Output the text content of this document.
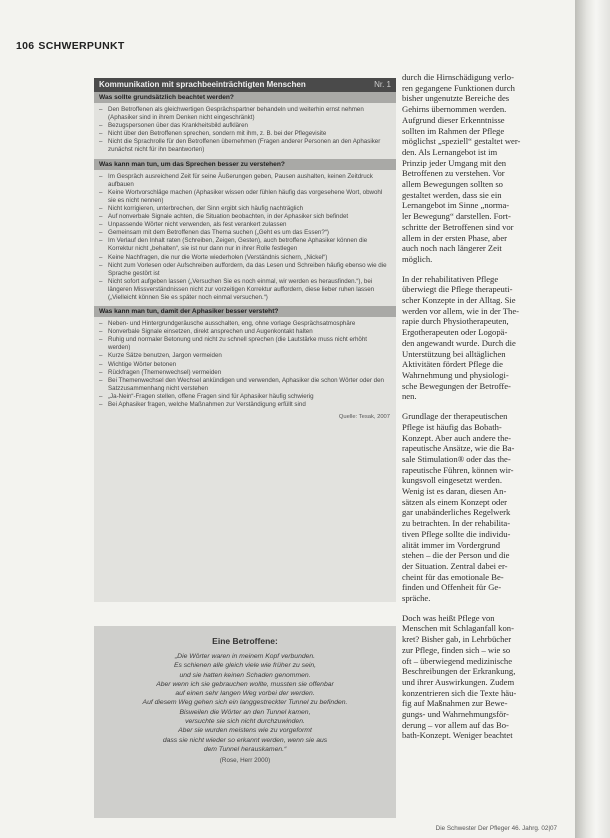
106 SCHWERPUNKT
Kommunikation mit sprachbeeinträchtigten Menschen	Nr. 1
Was sollte grundsätzlich beachtet werden?
– Den Betroffenen als gleichwertigen Gesprächspartner behandeln und weiterhin ernst nehmen (Aphasiker sind in ihrem Denken nicht eingeschränkt)
– Bezugspersonen über das Krankheitsbild aufklären
– Nicht über den Betroffenen sprechen, sondern mit ihm, z. B. bei der Pflegevisite
– Nicht die Sprachrolle für den Betroffenen übernehmen (Fragen anderer Personen an den Aphasiker zunächst nicht für ihn beantworten)
Was kann man tun, um das Sprechen besser zu verstehen?
– Im Gespräch ausreichend Zeit für seine Äußerungen geben, Pausen aushalten, keinen Zeitdruck aufbauen
– Keine Wortvorschläge machen (Aphasiker wissen oder fühlen häufig das vorgesehene Wort, obwohl sie es nicht nennen)
– Nicht korrigieren, unterbrechen, der Sinn ergibt sich häufig nachträglich
– Auf nonverbale Signale achten, die Situation beobachten, in der Aphasiker sich befindet
– Unpassende Wörter nicht verwenden, als fest verankert zulassen
– Gemeinsam mit dem Betroffenen das Thema suchen („Geht es um das Essen?“)
– Im Verlauf den Inhalt raten (Schreiben, Zeigen, Gesten), auch betroffene Aphasiker können die Korrektur nicht „behalten“, sie ist nur dann nur in ihrer Rolle festlegen
– Keine Nachfragen, die nur die Worte wiederholen (Verständnis sichern, „Nickel“)
– Nicht zum Vorlesen oder Aufschreiben auffordern, da das Lesen und Schreiben häufig ebenso wie die Sprache gestört ist
– Nicht sofort aufgeben lassen („Versuchen Sie es noch einmal, wir werden es herausfinden.“), bei längeren Missverständnissen nicht zur vorzeitigen Korrektur auffordern, diese lieber ruhen lassen („Vielleicht können Sie es später noch einmal versuchen.“)
Was kann man tun, damit der Aphasiker besser versteht?
– Neben- und Hintergrundgeräusche ausschalten, eng, ohne vorlage Gesprächsatmosphäre
– Nonverbale Signale einsetzen, direkt ansprechen und Augenkontakt halten
– Ruhig und normaler Betonung und nicht zu schnell sprechen (die Lautstärke muss nicht erhöht werden)
– Kurze Sätze benutzen, Jargon vermeiden
– Wichtige Wörter betonen
– Rückfragen (Themenwechsel) vermeiden
– Bei Themenwechsel den Wechsel ankündigen und verwenden, Aphasiker die schon Wörter oder den Satzzusammenhang nicht verstehen
– „Ja-Nein“-Fragen stellen, offene Fragen sind für Aphasiker häufig schwierig
– Bei Aphasiker fragen, welche Maßnahmen zur Verständigung erfüllt sind
Quelle: Tesak, 2007
Eine Betroffene:
„Die Wörter waren in meinem Kopf verbunden.
Es schienen alle gleich viele wie früher zu sein,
und sie hatten keinen Schaden genommen.
Aber wenn ich sie gebrauchen wollte, mussten sie offenbar
auf einen sehr langen Weg vorbei der werden.
Auf diesem Weg gehen sich ein langgestreckter Tunnel zu befinden.
Bisweilen die Wörter an den Tunnel kamen,
versuchte sie sich nicht durchzuwinden.
Aber sie wurden meistens wie zu vorgeformt
dass sie nicht wieder so erkannt werden, wenn sie aus
dem Tunnel herauskamen.“
(Rose, Herr 2000)

durch die Hirnschädigung verlo-
ren gegangene Funktionen durch
bisher ungenutzte Bereiche des
Gehirns übernommen werden.
Aufgrund dieser Erkenntnisse
sollten im Rahmen der Pflege
möglichst „speziell“ gestaltet wer-
den. Als Lernangebot ist im
Prinzip jeder Umgang mit den
Betroffenen zu verstehen. Vor
allem Bewegungen sollten so
gestaltet werden, dass sie ein
Lernangebot im Sinne „norma-
ler Bewegung“ darstellen. Fort-
schritte der Betroffenen sind vor
allem in der ersten Phase, aber
auch noch nach längerer Zeit
möglich.

In der rehabilitativen Pflege
überwiegt die Pflege therapeuti-
scher Konzepte in der Alltag. Sie
werden vor allem, wie in der The-
rapie durch Physiotherapeuten,
Ergotherapeuten oder Logopä-
den angewandt wurde. Durch die
Unterstützung bei alltäglichen
Aktivitäten fördert Pflege die
Wahrnehmung und physiologi-
sche Bewegungen der Betroffe-
nen.

Grundlage der therapeutischen
Pflege ist häufig das Bobath-
Konzept. Aber auch andere the-
rapeutische Ansätze, wie die Ba-
sale Stimulation® oder das the-
rapeutische Führen, können wir-
kungsvoll eingesetzt werden.
Wenig ist es daran, diesen An-
sätzen als einem Konzept oder
gar unabänderliches Regelwerk
zu betrachten. In der rehabilita-
tiven Pflege sollte die individu-
alität immer im Vordergrund
stehen – die der Person und die
der Situation. Zentral dabei er-
cheint für das emotionale Be-
finden und Offenheit für Ge-
spräche.

Doch was heißt Pflege von
Menschen mit Schlaganfall kon-
kret? Bisher gab, in Lehrbücher
zur Pflege, finden sich – wie so
oft – überwiegend medizinische
Beschreibungen der Erkrankung,
und ihrer Auswirkungen. Zudem
konzentrieren sich die Texte häu-
fig auf Maßnahmen zur Bewe-
gungs- und Wahrnehmungsför-
derung – vor allem auf das Bo-
bath-Konzept. Weniger beachtet

Die Schwester Der Pfleger 46. Jahrg. 02|07
